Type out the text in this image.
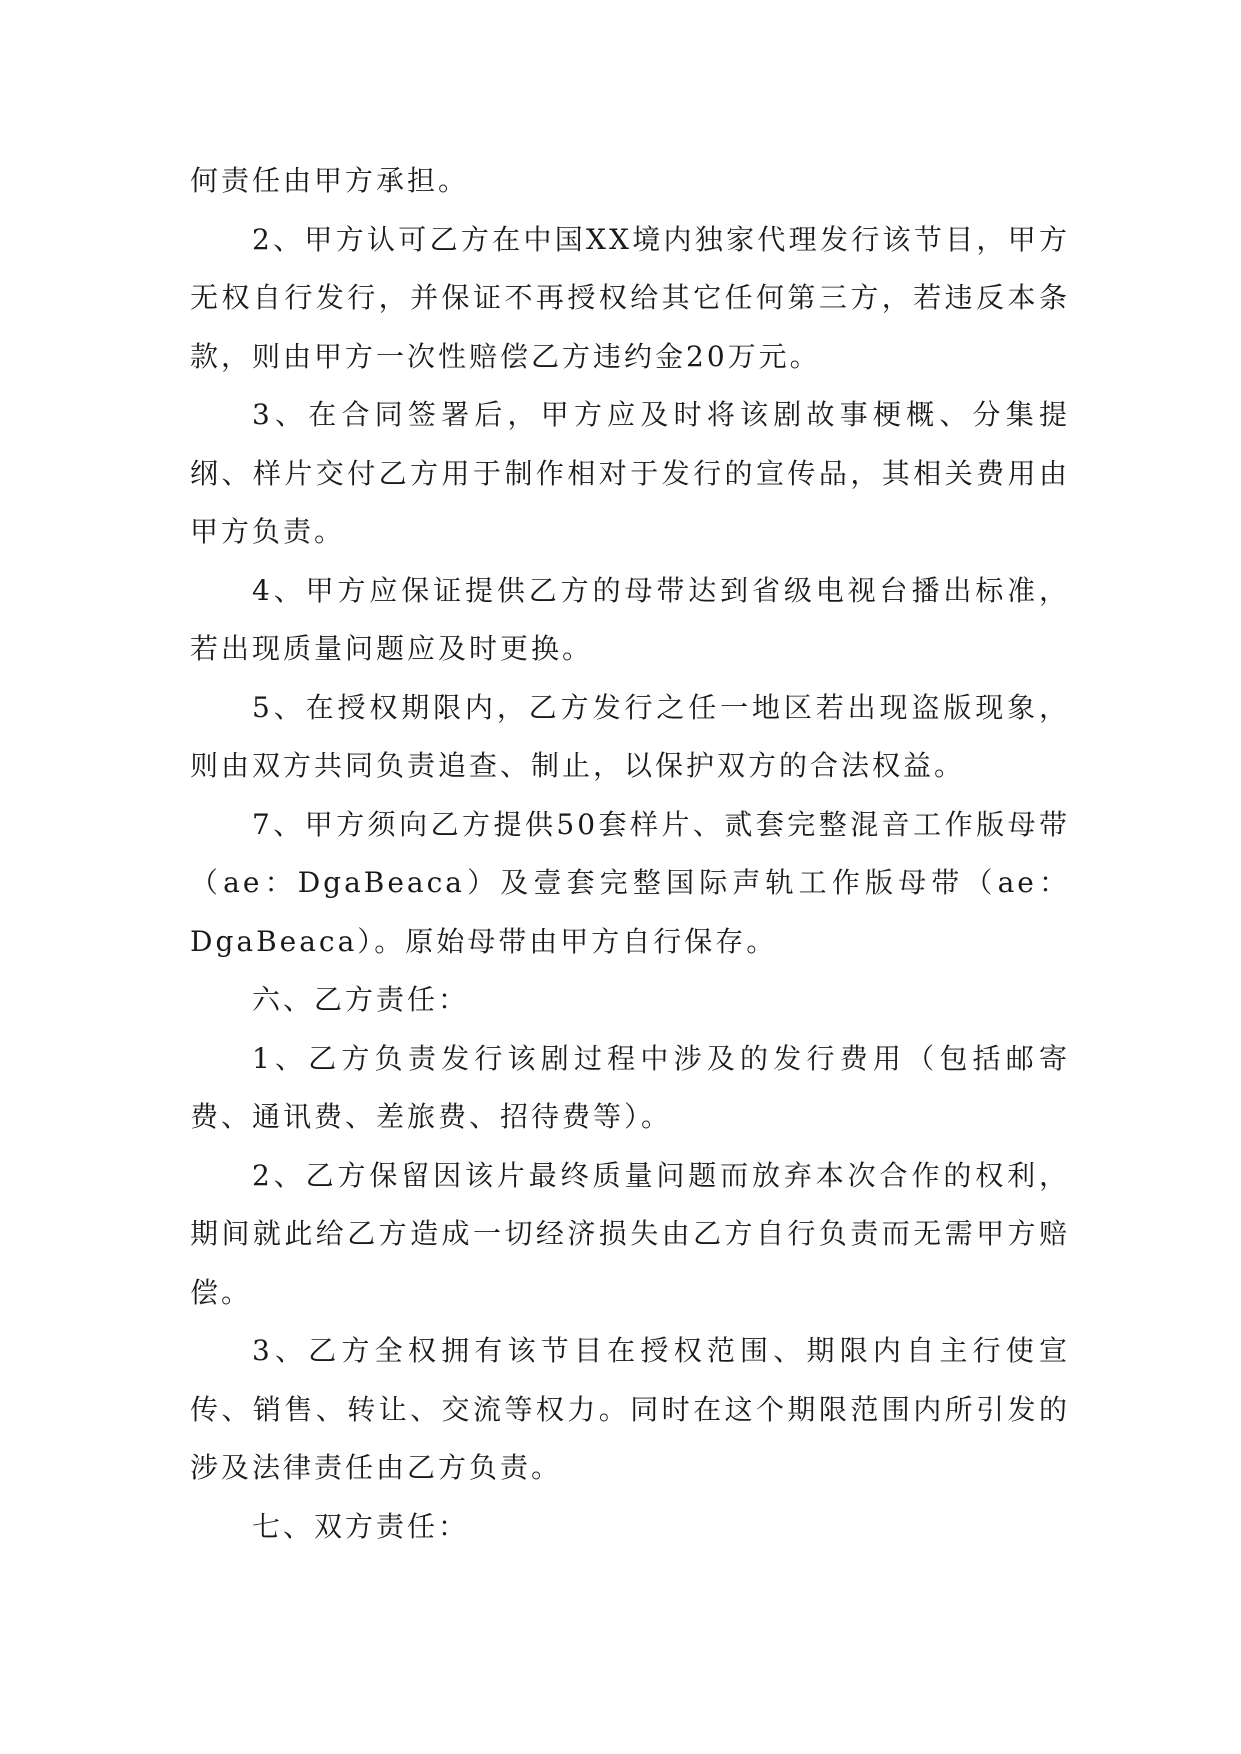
何责任由甲方承担。

2、甲方认可乙方在中国XX境内独家代理发行该节目，甲方无权自行发行，并保证不再授权给其它任何第三方，若违反本条款，则由甲方一次性赔偿乙方违约金20万元。

3、在合同签署后，甲方应及时将该剧故事梗概、分集提纲、样片交付乙方用于制作相对于发行的宣传品，其相关费用由甲方负责。

4、甲方应保证提供乙方的母带达到省级电视台播出标准，若出现质量问题应及时更换。

5、在授权期限内，乙方发行之任一地区若出现盗版现象，则由双方共同负责追查、制止，以保护双方的合法权益。

7、甲方须向乙方提供50套样片、贰套完整混音工作版母带（ae：DgaBeaca）及壹套完整国际声轨工作版母带（ae：DgaBeaca）。原始母带由甲方自行保存。

六、乙方责任：

1、乙方负责发行该剧过程中涉及的发行费用（包括邮寄费、通讯费、差旅费、招待费等）。

2、乙方保留因该片最终质量问题而放弃本次合作的权利，期间就此给乙方造成一切经济损失由乙方自行负责而无需甲方赔偿。

3、乙方全权拥有该节目在授权范围、期限内自主行使宣传、销售、转让、交流等权力。同时在这个期限范围内所引发的涉及法律责任由乙方负责。

七、双方责任：
